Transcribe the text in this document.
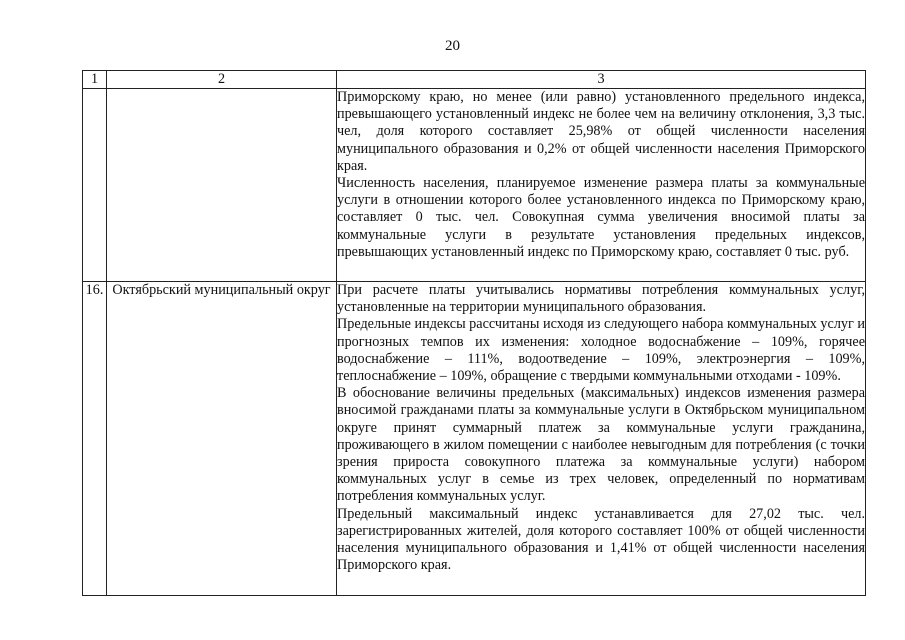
20
1	2	3

		Приморскому краю, но менее (или равно) установленного предельного индекса, превышающего установленный индекс не более чем на величину отклонения, 3,3 тыс. чел, доля которого составляет 25,98% от общей численности населения муниципального образования и 0,2% от общей численности населения Приморского края.

Численность населения, планируемое изменение размера платы за коммунальные услуги в отношении которого более установленного индекса по Приморскому краю, составляет 0 тыс. чел. Совокупная сумма увеличения вносимой платы за коммунальные услуги в результате установления предельных индексов, превышающих установленный индекс по Приморскому краю, составляет 0 тыс. руб.

16.	Октябрьский муниципальный округ	При расчете платы учитывались нормативы потребления коммунальных услуг, установленные на территории муниципального образования.

Предельные индексы рассчитаны исходя из следующего набора коммунальных услуг и прогнозных темпов их изменения: холодное водоснабжение – 109%, горячее водоснабжение – 111%, водоотведение – 109%, электроэнергия – 109%, теплоснабжение – 109%, обращение с твердыми коммунальными отходами - 109%.

В обоснование величины предельных (максимальных) индексов изменения размера вносимой гражданами платы за коммунальные услуги в Октябрьском муниципальном округе принят суммарный платеж за коммунальные услуги гражданина, проживающего в жилом помещении с наиболее невыгодным для потребления (с точки зрения прироста совокупного платежа за коммунальные услуги) набором коммунальных услуг в семье из трех человек, определенный по нормативам потребления коммунальных услуг.

Предельный максимальный индекс устанавливается для 27,02 тыс. чел. зарегистрированных жителей, доля которого составляет 100% от общей численности населения муниципального образования и 1,41% от общей численности населения Приморского края.
